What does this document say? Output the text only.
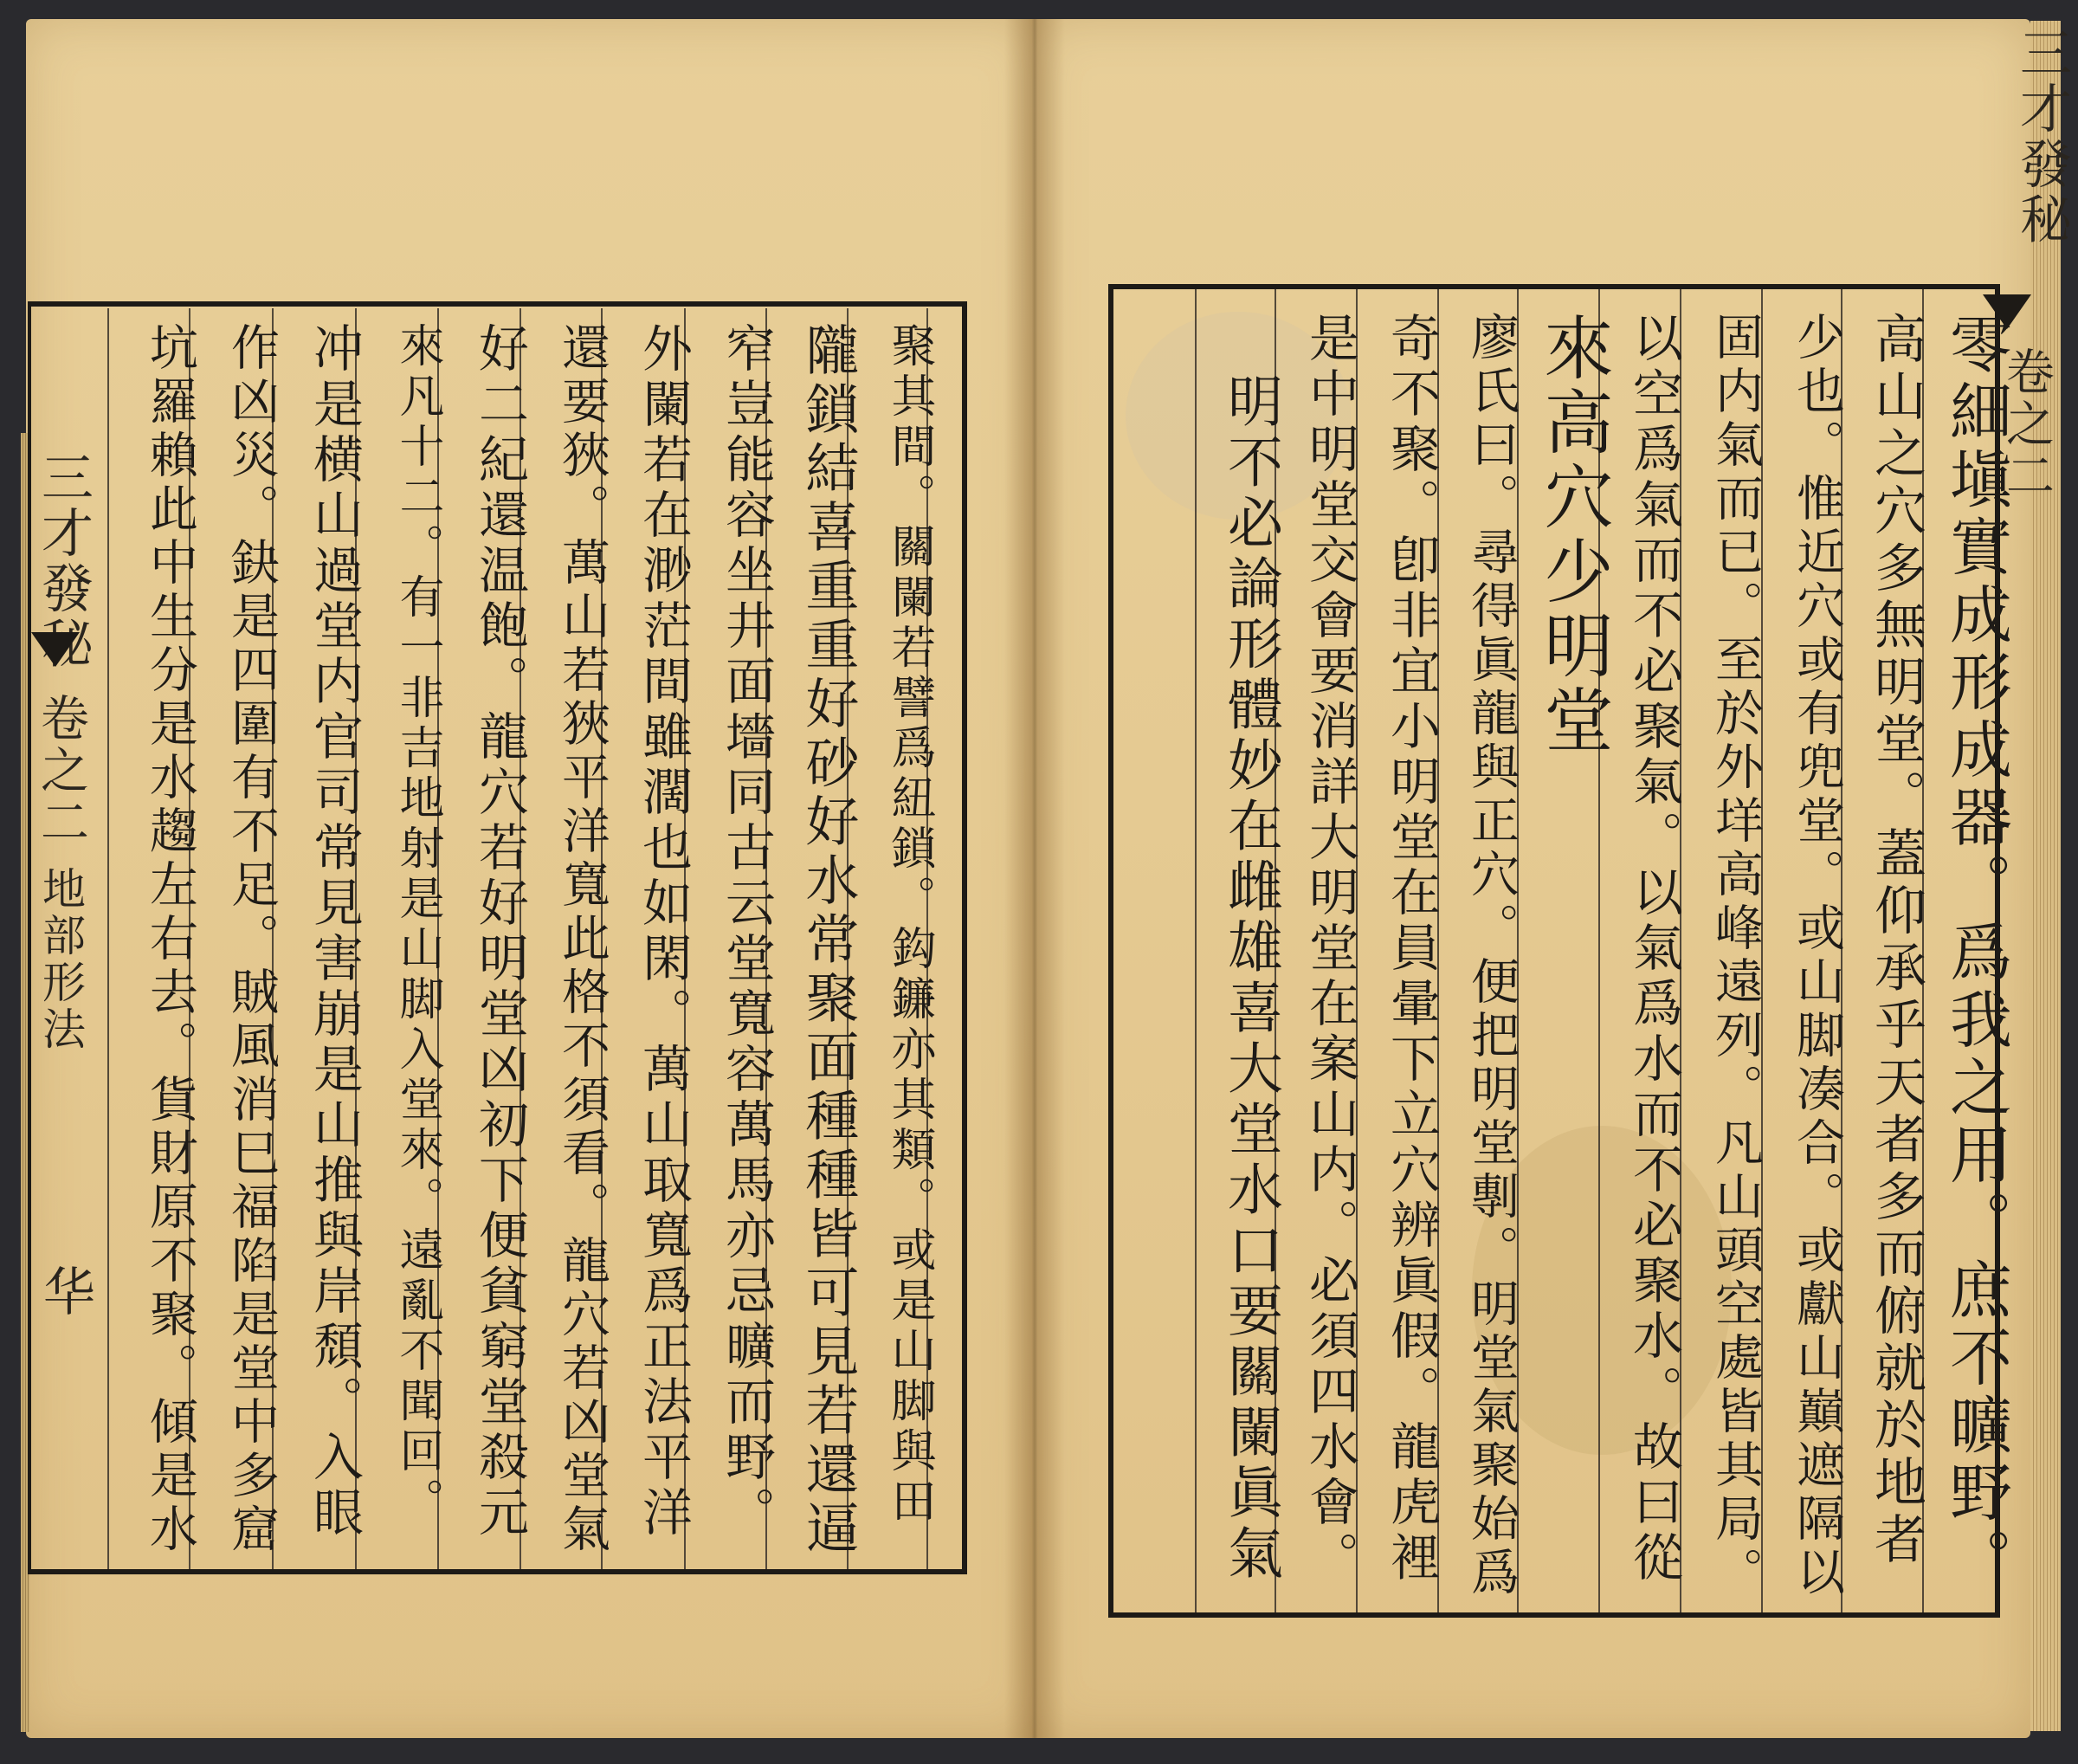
三才發秘
卷之二
地部形法
华	聚其間。關闌若譬爲紐鎖。鈎鐮亦其類。或是山脚與田
隴鎖結喜重重好砂好水常聚面種種皆可見若還逼
窄豈能容坐井面墻同古云堂寬容萬馬亦忌曠而野。
外闌若在渺茫間雖濶也如閑。萬山取寬爲正法平洋
還要狹。萬山若狹平洋寬此格不須看。龍穴若凶堂氣
好二紀還温飽。龍穴若好明堂凶初下便貧窮堂殺元
來凡十二。有一非吉地射是山脚入堂來。遠亂不聞回。
冲是横山過堂内官司常見害崩是山推與岸頹。入眼
作凶災。鈌是四圍有不足。賊風消巳福陷是堂中多窟
坑羅賴此中生分是水趨左右去。貨財原不聚。傾是水
三才發秘
卷之二
零細塡實成形成器。爲我之用。庶不曠野。
高山之穴多無明堂。蓋仰承乎天者多而俯就於地者
少也。惟近穴或有兜堂。或山脚凑合。或獻山巔遮隔以
固内氣而已。至於外垟高峰遠列。凡山頭空處皆其局。
以空爲氣而不必聚氣。以氣爲水而不必聚水。故曰從
來高穴少明堂
廖氏曰。尋得眞龍與正穴。便把明堂剸。明堂氣聚始爲
奇不聚。卽非宜小明堂在員暈下立穴辨眞假。龍虎裡
是中明堂交會要消詳大明堂在案山内。必須四水會。
明不必論形體妙在雌雄喜大堂水口要關闌眞氣
